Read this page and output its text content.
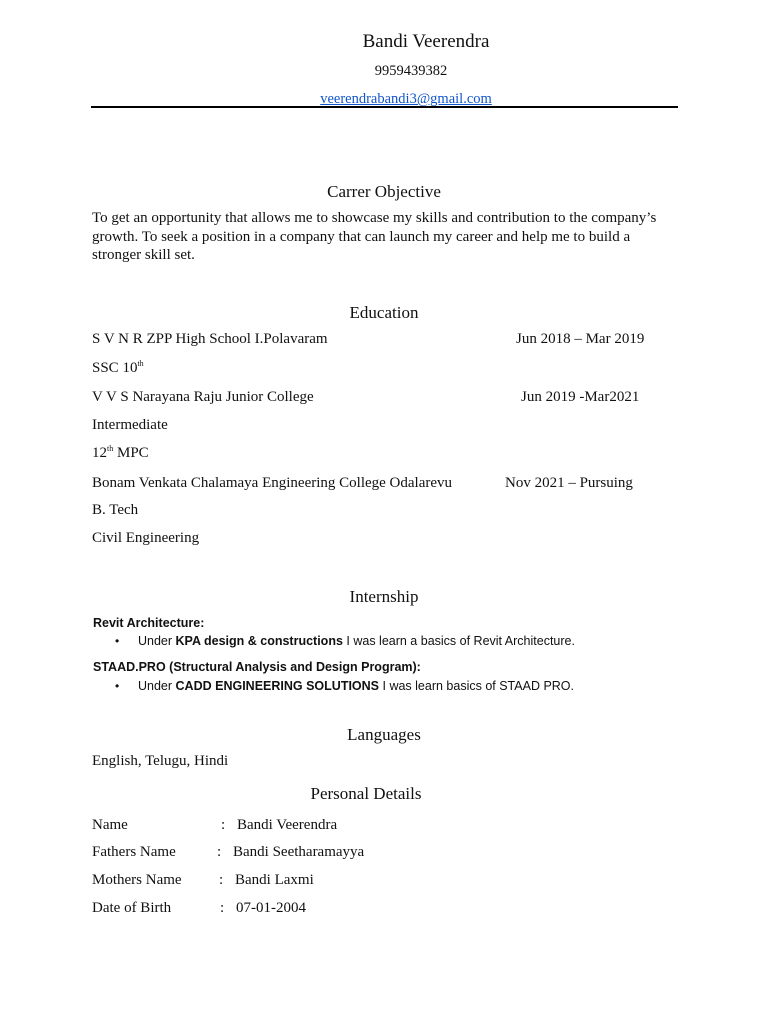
Bandi Veerendra
9959439382
veerendrabandi3@gmail.com
Carrer Objective
To get an opportunity that allows me to showcase my skills and contribution to the company’s growth. To seek a position in a company that can launch my career and help me to build a stronger skill set.
Education
S V N R ZPP High School I.Polavaram	Jun 2018 – Mar 2019
SSC 10th
V V S Narayana Raju Junior College	Jun 2019 -Mar2021
Intermediate
12th MPC
Bonam Venkata Chalamaya Engineering College Odalarevu	Nov 2021 – Pursuing
B. Tech
Civil Engineering
Internship
Revit Architecture:
• Under KPA design & constructions I was learn a basics of Revit Architecture.
STAAD.PRO (Structural Analysis and Design Program):
• Under CADD ENGINEERING SOLUTIONS I was learn basics of STAAD PRO.
Languages
English, Telugu, Hindi
Personal Details
Name	: Bandi Veerendra
Fathers Name	: Bandi Seetharamayya
Mothers Name : Bandi Laxmi
Date of Birth	: 07-01-2004
